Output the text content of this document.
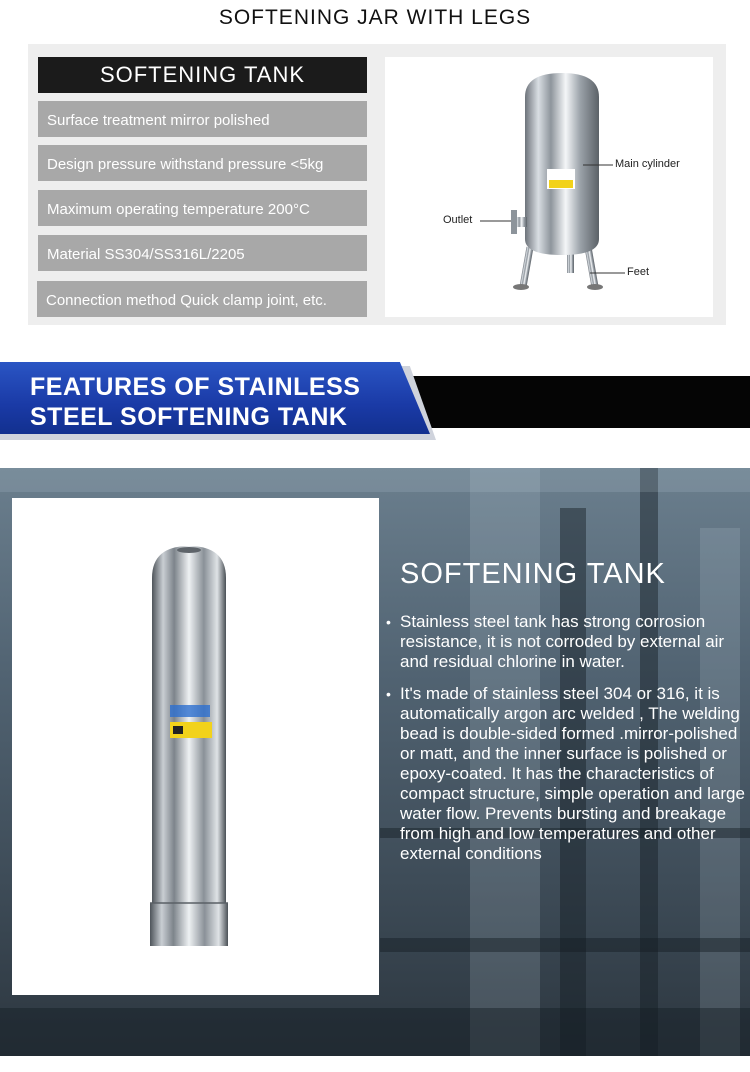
SOFTENING JAR WITH LEGS
SOFTENING TANK
Surface treatment mirror polished
Design pressure withstand pressure <5kg
Maximum operating temperature 200°C
Material SS304/SS316L/2205
Connection method Quick clamp joint, etc.
Main cylinder
Outlet
Feet
FEATURES OF STAINLESS
STEEL SOFTENING TANK
SOFTENING TANK
• Stainless steel tank has strong corrosion resistance, it is not corroded by external air and residual chlorine in water.
• It's made of stainless steel 304 or 316, it is automatically argon arc welded , The welding bead is double-sided formed .mirror-polished or matt, and the inner surface is polished or epoxy-coated. It has the characteristics of compact structure, simple operation and large water flow. Prevents bursting and breakage from high and low temperatures and other external conditions
